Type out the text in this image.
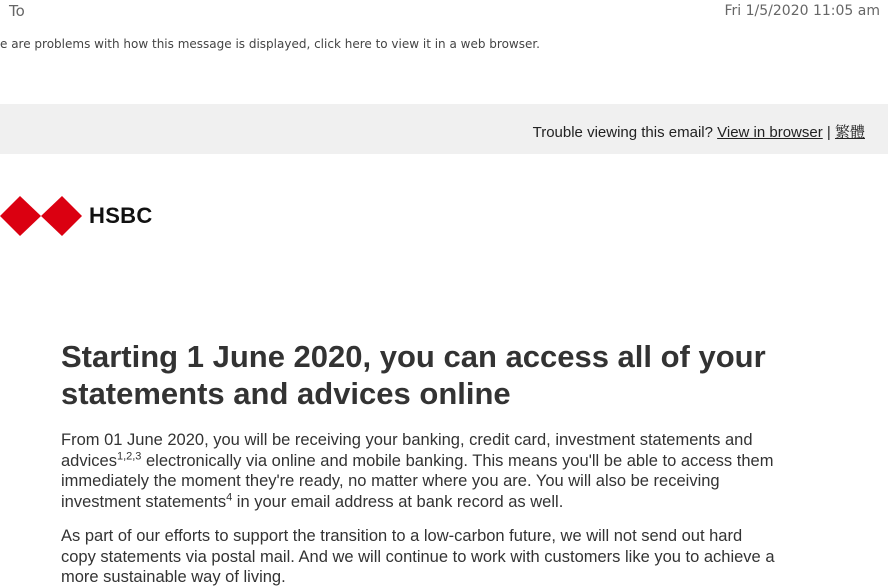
To	Fri 1/5/2020 11:05 am
e are problems with how this message is displayed, click here to view it in a web browser.
Trouble viewing this email? View in browser | 繁體
HSBC
Starting 1 June 2020, you can access all of your statements and advices online

From 01 June 2020, you will be receiving your banking, credit card, investment statements and advices$^{1,2,3}$ electronically via online and mobile banking. This means you'll be able to access them immediately the moment they're ready, no matter where you are. You will also be receiving investment statements$^4$ in your email address at bank record as well.

As part of our efforts to support the transition to a low-carbon future, we will not send out hard copy statements via postal mail. And we will continue to work with customers like you to achieve a more sustainable way of living.
